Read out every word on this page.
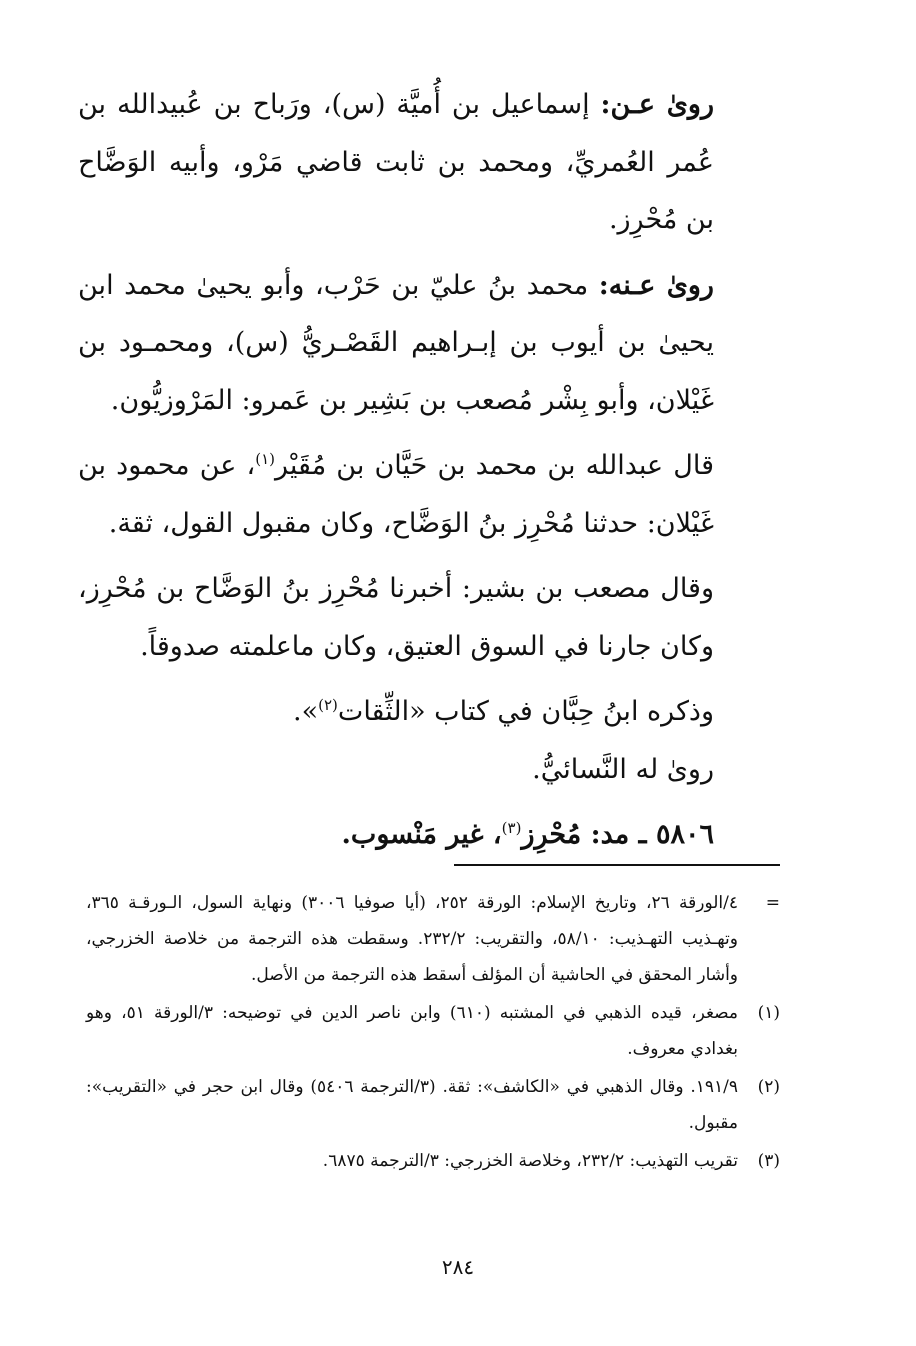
روىٰ عـن: إسماعيل بن أُميَّة (س)، ورَباح بن عُبيدالله بن عُمر العُمريِّ، ومحمد بن ثابت قاضي مَرْو، وأبيه الوَضَّاح بن مُحْرِز.

روىٰ عـنه: محمد بنُ عليّ بن حَرْب، وأبو يحيىٰ محمد ابن يحيىٰ بن أيوب بن إبـراهيم القَصْـريُّ (س)، ومحمـود بن غَيْلان، وأبو بِشْر مُصعب بن بَشِير بن عَمرو: المَرْوزيُّون.

قال عبدالله بن محمد بن حَيَّان بن مُقَيْر$^{(١)}$، عن محمود بن غَيْلان: حدثنا مُحْرِز بنُ الوَضَّاح، وكان مقبول القول، ثقة.

وقال مصعب بن بشير: أخبرنا مُحْرِز بنُ الوَضَّاح بن مُحْرِز، وكان جارنا في السوق العتيق، وكان ماعلمته صدوقاً.

وذكره ابنُ حِبَّان في كتاب «الثِّقات$^{(٢)}$».

روىٰ له النَّسائيُّ.

٥٨٠٦ ـ مد: مُحْرِز$^{(٣)}$، غير مَنْسوب.

=
٤/الورقة ٢٦، وتاريخ الإسلام: الورقة ٢٥٢، (أيا صوفيا ٣٠٠٦) ونهاية السول، الـورقـة ٣٦٥، وتهـذيب التهـذيب: ٥٨/١٠، والتقريب: ٢٣٢/٢. وسقطت هذه الترجمة من خلاصة الخزرجي، وأشار المحقق في الحاشية أن المؤلف أسقط هذه الترجمة من الأصل.
(١)
مصغر، قيده الذهبي في المشتبه (٦١٠) وابن ناصر الدين في توضيحه: ٣/الورقة ٥١، وهو بغدادي معروف.
(٢)
١٩١/٩. وقال الذهبي في «الكاشف»: ثقة. (٣/الترجمة ٥٤٠٦) وقال ابن حجر في «التقريب»: مقبول.
(٣)
تقريب التهذيب: ٢٣٢/٢، وخلاصة الخزرجي: ٣/الترجمة ٦٨٧٥.
٢٨٤
